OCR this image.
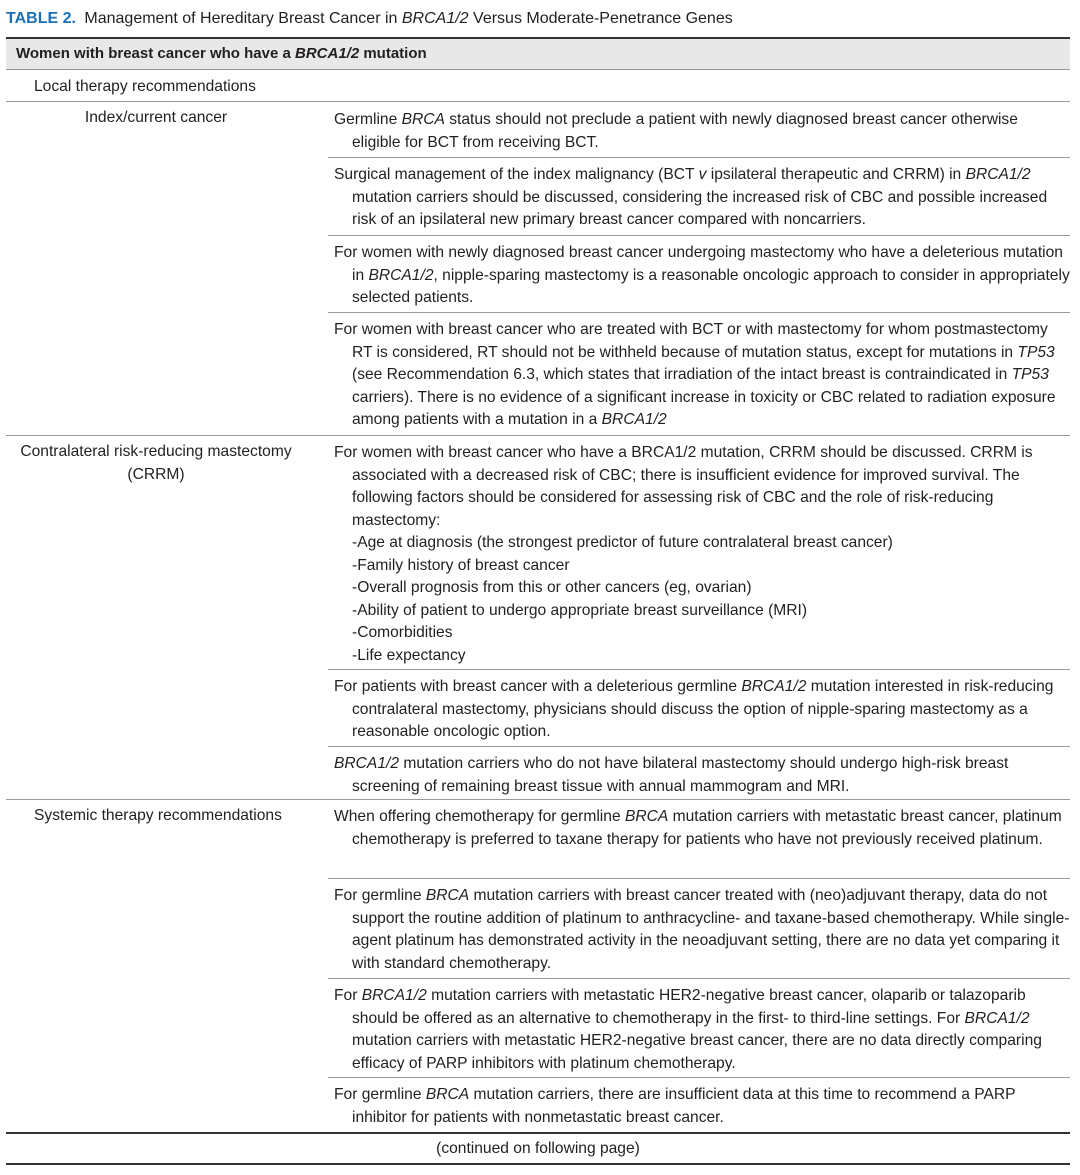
TABLE 2. Management of Hereditary Breast Cancer in BRCA1/2 Versus Moderate-Penetrance Genes
Women with breast cancer who have a BRCA1/2 mutation
Local therapy recommendations
Index/current cancer	Germline BRCA status should not preclude a patient with newly diagnosed breast cancer otherwise eligible for BCT from receiving BCT.

Surgical management of the index malignancy (BCT v ipsilateral therapeutic and CRRM) in BRCA1/2 mutation carriers should be discussed, considering the increased risk of CBC and possible increased risk of an ipsilateral new primary breast cancer compared with noncarriers.

For women with newly diagnosed breast cancer undergoing mastectomy who have a deleterious mutation in BRCA1/2, nipple-sparing mastectomy is a reasonable oncologic approach to consider in appropriately selected patients.

For women with breast cancer who are treated with BCT or with mastectomy for whom postmastectomy RT is considered, RT should not be withheld because of mutation status, except for mutations in TP53 (see Recommendation 6.3, which states that irradiation of the intact breast is contraindicated in TP53 carriers). There is no evidence of a significant increase in toxicity or CBC related to radiation exposure among patients with a mutation in a BRCA1/2

Contralateral risk-reducing mastectomy (CRRM)

For women with breast cancer who have a BRCA1/2 mutation, CRRM should be discussed. CRRM is associated with a decreased risk of CBC; there is insufficient evidence for improved survival. The following factors should be considered for assessing risk of CBC and the role of risk-reducing mastectomy:

-Age at diagnosis (the strongest predictor of future contralateral breast cancer)
-Family history of breast cancer
-Overall prognosis from this or other cancers (eg, ovarian)
-Ability of patient to undergo appropriate breast surveillance (MRI)
-Comorbidities
-Life expectancy

For patients with breast cancer with a deleterious germline BRCA1/2 mutation interested in risk-reducing contralateral mastectomy, physicians should discuss the option of nipple-sparing mastectomy as a reasonable oncologic option.

BRCA1/2 mutation carriers who do not have bilateral mastectomy should undergo high-risk breast screening of remaining breast tissue with annual mammogram and MRI.

Systemic therapy recommendations	When offering chemotherapy for germline BRCA mutation carriers with metastatic breast cancer, platinum chemotherapy is preferred to taxane therapy for patients who have not previously received platinum.

For germline BRCA mutation carriers with breast cancer treated with (neo)adjuvant therapy, data do not support the routine addition of platinum to anthracycline- and taxane-based chemotherapy. While single-agent platinum has demonstrated activity in the neoadjuvant setting, there are no data yet comparing it with standard chemotherapy.

For BRCA1/2 mutation carriers with metastatic HER2-negative breast cancer, olaparib or talazoparib should be offered as an alternative to chemotherapy in the first- to third-line settings. For BRCA1/2 mutation carriers with metastatic HER2-negative breast cancer, there are no data directly comparing efficacy of PARP inhibitors with platinum chemotherapy.

For germline BRCA mutation carriers, there are insufficient data at this time to recommend a PARP inhibitor for patients with nonmetastatic breast cancer.

(continued on following page)
